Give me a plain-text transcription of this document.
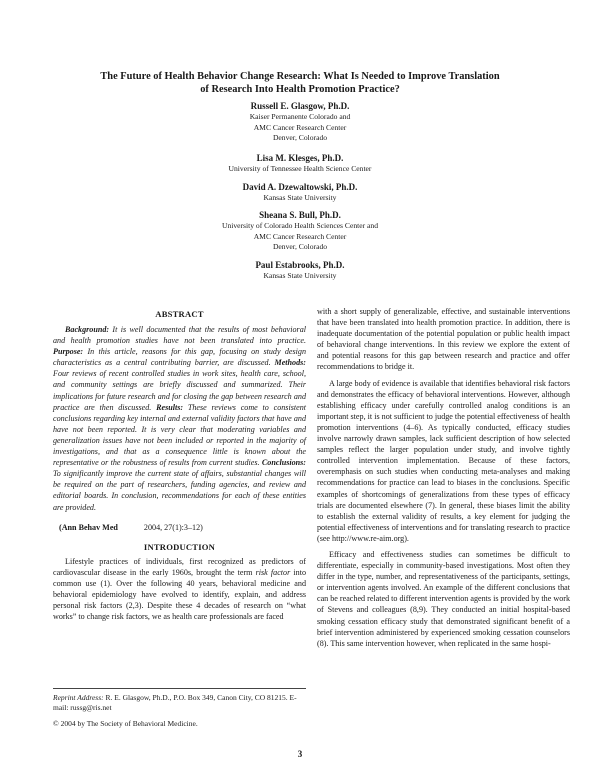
The Future of Health Behavior Change Research: What Is Needed to Improve Translation
of Research Into Health Promotion Practice?
Russell E. Glasgow, Ph.D.
Kaiser Permanente Colorado and
AMC Cancer Research Center
Denver, Colorado
Lisa M. Klesges, Ph.D.
University of Tennessee Health Science Center
David A. Dzewaltowski, Ph.D.
Kansas State University
Sheana S. Bull, Ph.D.
University of Colorado Health Sciences Center and
AMC Cancer Research Center
Denver, Colorado
Paul Estabrooks, Ph.D.
Kansas State University
ABSTRACT

Background: It is well documented that the results of most behavioral and health promotion studies have not been translated into practice. Purpose: In this article, reasons for this gap, focusing on study design characteristics as a central contributing barrier, are discussed. Methods: Four reviews of recent controlled studies in work sites, health care, school, and community settings are briefly discussed and summarized. Their implications for future research and for closing the gap between research and practice are then discussed. Results: These reviews come to consistent conclusions regarding key internal and external validity factors that have and have not been reported. It is very clear that moderating variables and generalization issues have not been included or reported in the majority of investigations, and that as a consequence little is known about the representative or the robustness of results from current studies. Conclusions: To significantly improve the current state of affairs, substantial changes will be required on the part of researchers, funding agencies, and review and editorial boards. In conclusion, recommendations for each of these entities are provided.

(Ann Behav Med	2004, 27(1):3–12)
INTRODUCTION

Lifestyle practices of individuals, first recognized as predictors of cardiovascular disease in the early 1960s, brought the term risk factor into common use (1). Over the following 40 years, behavioral medicine and behavioral epidemiology have evolved to identify, explain, and address personal risk factors (2,3). Despite these 4 decades of research on “what works” to change risk factors, we as health care professionals are faced

Reprint Address: R. E. Glasgow, Ph.D., P.O. Box 349, Canon City, CO 81215. E-mail: russg@ris.net
© 2004 by The Society of Behavioral Medicine.

with a short supply of generalizable, effective, and sustainable interventions that have been translated into health promotion practice. In addition, there is inadequate documentation of the potential population or public health impact of behavioral change interventions. In this review we explore the extent of and potential reasons for this gap between research and practice and offer recommendations to bridge it.

A large body of evidence is available that identifies behavioral risk factors and demonstrates the efficacy of behavioral interventions. However, although establishing efficacy under carefully controlled analog conditions is an important step, it is not sufficient to judge the potential effectiveness of health promotion interventions (4–6). As typically conducted, efficacy studies involve narrowly drawn samples, lack sufficient description of how selected samples reflect the larger population under study, and involve tightly controlled intervention implementation. Because of these factors, overemphasis on such studies when conducting meta-analyses and making recommendations for practice can lead to biases in the conclusions. Specific examples of shortcomings of generalizations from these types of efficacy trials are documented elsewhere (7). In general, these biases limit the ability to establish the external validity of results, a key element for judging the potential effectiveness of interventions and for translating research to practice (see http://www.re-aim.org).

Efficacy and effectiveness studies can sometimes be difficult to differentiate, especially in community-based investigations. Most often they differ in the type, number, and representativeness of the participants, settings, or intervention agents involved. An example of the different conclusions that can be reached related to different intervention agents is provided by the work of Stevens and colleagues (8,9). They conducted an initial hospital-based smoking cessation efficacy study that demonstrated significant benefit of a brief intervention administered by experienced smoking cessation counselors (8). This same intervention however, when replicated in the same hospi-

3
